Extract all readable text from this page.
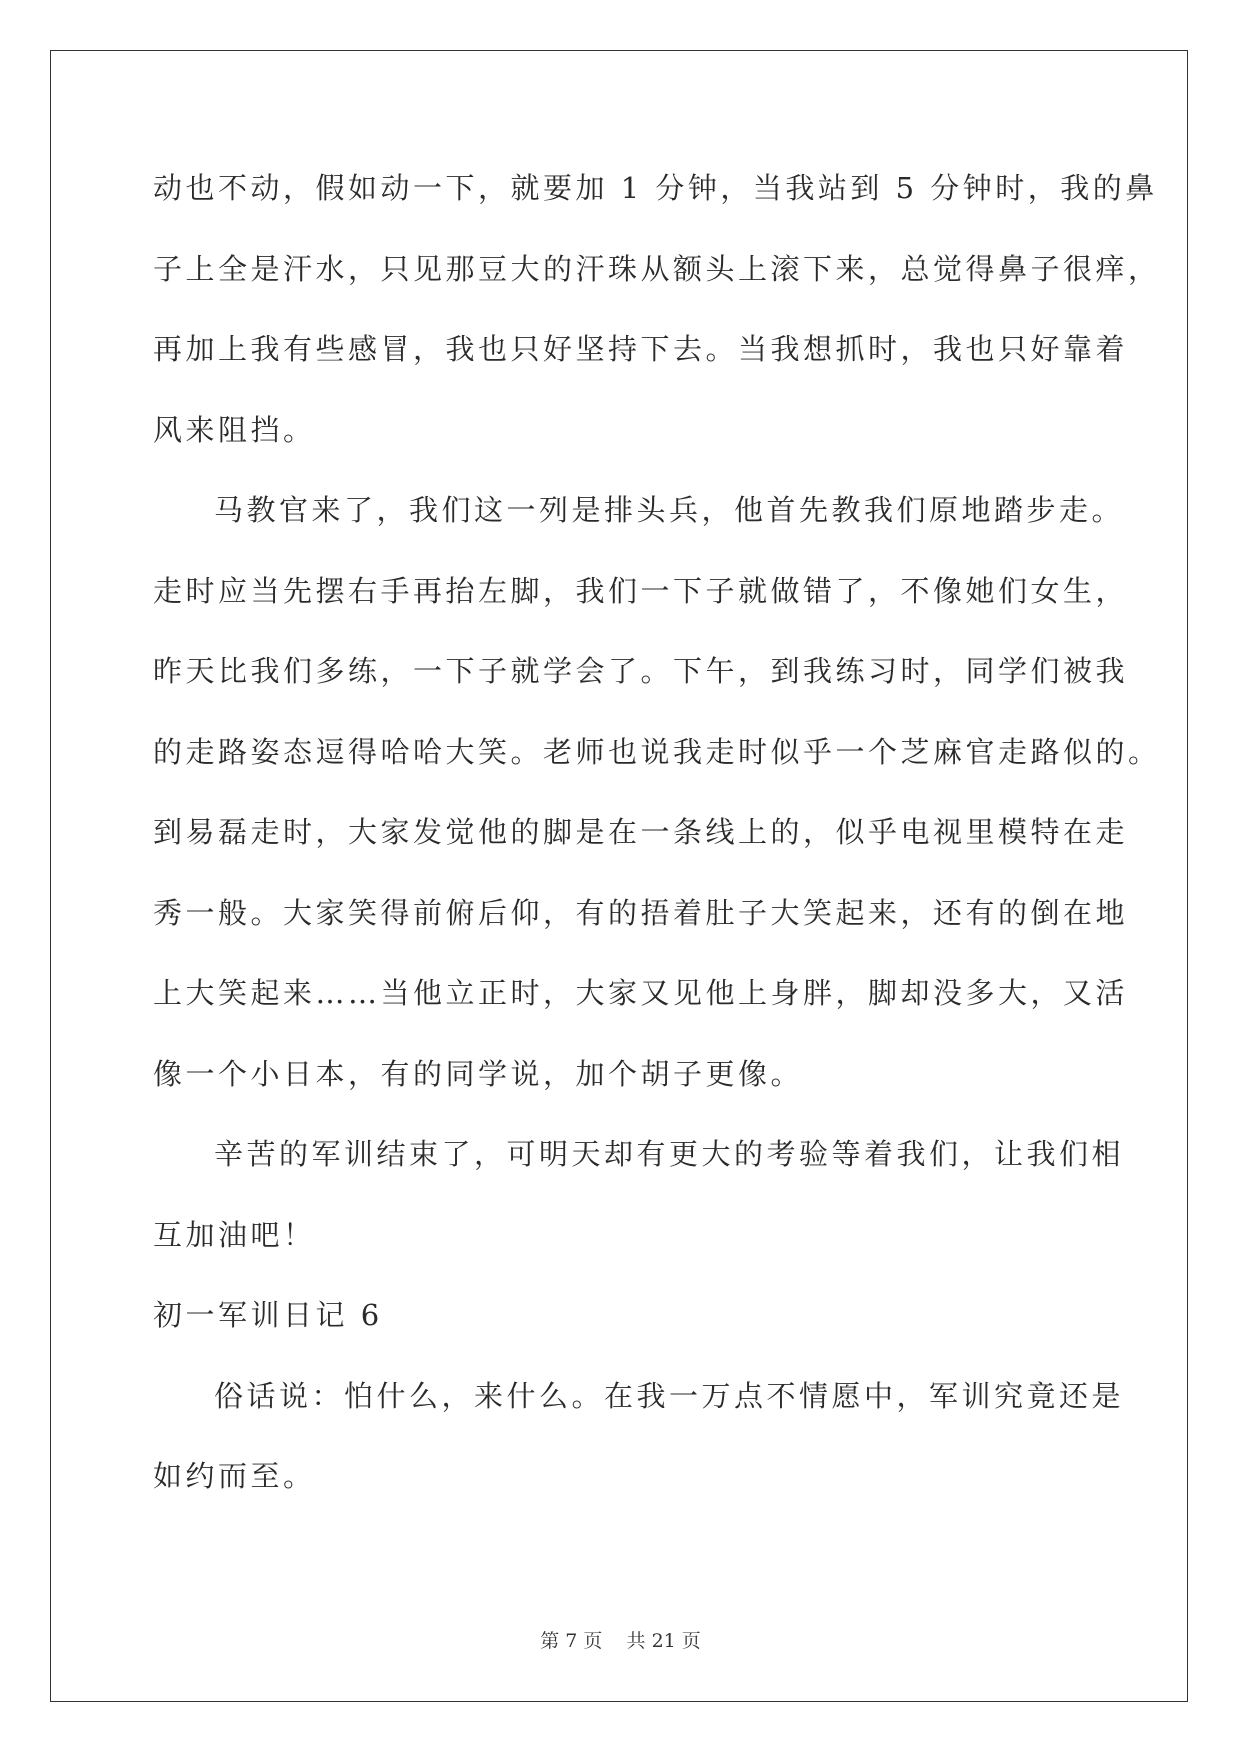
动也不动，假如动一下，就要加 1 分钟，当我站到 5 分钟时，我的鼻
子上全是汗水，只见那豆大的汗珠从额头上滚下来，总觉得鼻子很痒，
再加上我有些感冒，我也只好坚持下去。当我想抓时，我也只好靠着
风来阻挡。
马教官来了，我们这一列是排头兵，他首先教我们原地踏步走。
走时应当先摆右手再抬左脚，我们一下子就做错了，不像她们女生，
昨天比我们多练，一下子就学会了。下午，到我练习时，同学们被我
的走路姿态逗得哈哈大笑。老师也说我走时似乎一个芝麻官走路似的。
到易磊走时，大家发觉他的脚是在一条线上的，似乎电视里模特在走
秀一般。大家笑得前俯后仰，有的捂着肚子大笑起来，还有的倒在地
上大笑起来……当他立正时，大家又见他上身胖，脚却没多大，又活
像一个小日本，有的同学说，加个胡子更像。
辛苦的军训结束了，可明天却有更大的考验等着我们，让我们相
互加油吧！
初一军训日记 6
俗话说：怕什么，来什么。在我一万点不情愿中，军训究竟还是
如约而至。
第 7 页 共 21 页
